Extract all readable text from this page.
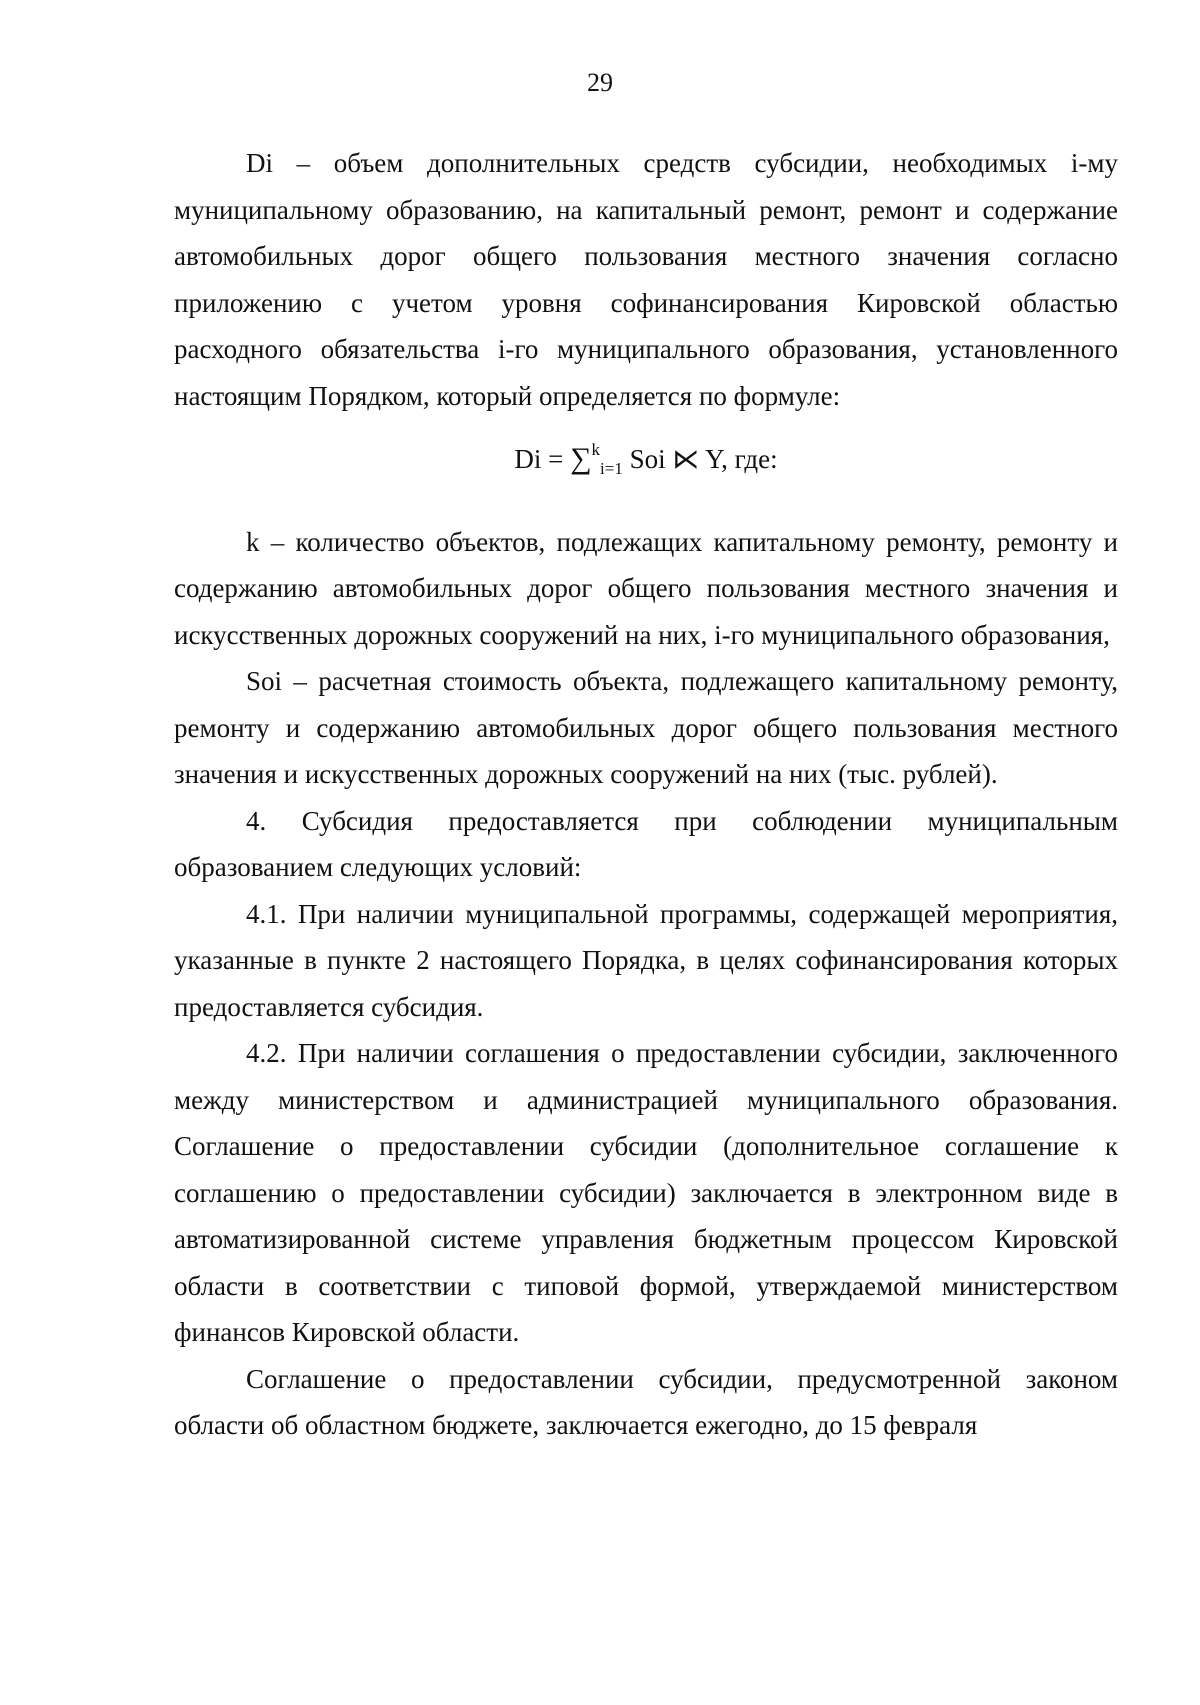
29

Di – объем дополнительных средств субсидии, необходимых i-му муниципальному образованию, на капитальный ремонт, ремонт и содержание автомобильных дорог общего пользования местного значения согласно приложению с учетом уровня софинансирования Кировской областью расходного обязательства i-го муниципального образования, установленного настоящим Порядком, который определяется по формуле:

Di = ∑$^k_{i=1}$ Soi ⋉ Y, где:

k – количество объектов, подлежащих капитальному ремонту, ремонту и содержанию автомобильных дорог общего пользования местного значения и искусственных дорожных сооружений на них, i-го муниципального образования,

Soi – расчетная стоимость объекта, подлежащего капитальному ремонту, ремонту и содержанию автомобильных дорог общего пользования местного значения и искусственных дорожных сооружений на них (тыс. рублей).

4. Субсидия предоставляется при соблюдении муниципальным образованием следующих условий:

4.1. При наличии муниципальной программы, содержащей мероприятия, указанные в пункте 2 настоящего Порядка, в целях софинансирования которых предоставляется субсидия.

4.2. При наличии соглашения о предоставлении субсидии, заключенного между министерством и администрацией муниципального образования. Соглашение о предоставлении субсидии (дополнительное соглашение к соглашению о предоставлении субсидии) заключается в электронном виде в автоматизированной системе управления бюджетным процессом Кировской области в соответствии с типовой формой, утверждаемой министерством финансов Кировской области.

Соглашение о предоставлении субсидии, предусмотренной законом области об областном бюджете, заключается ежегодно, до 15 февраля
